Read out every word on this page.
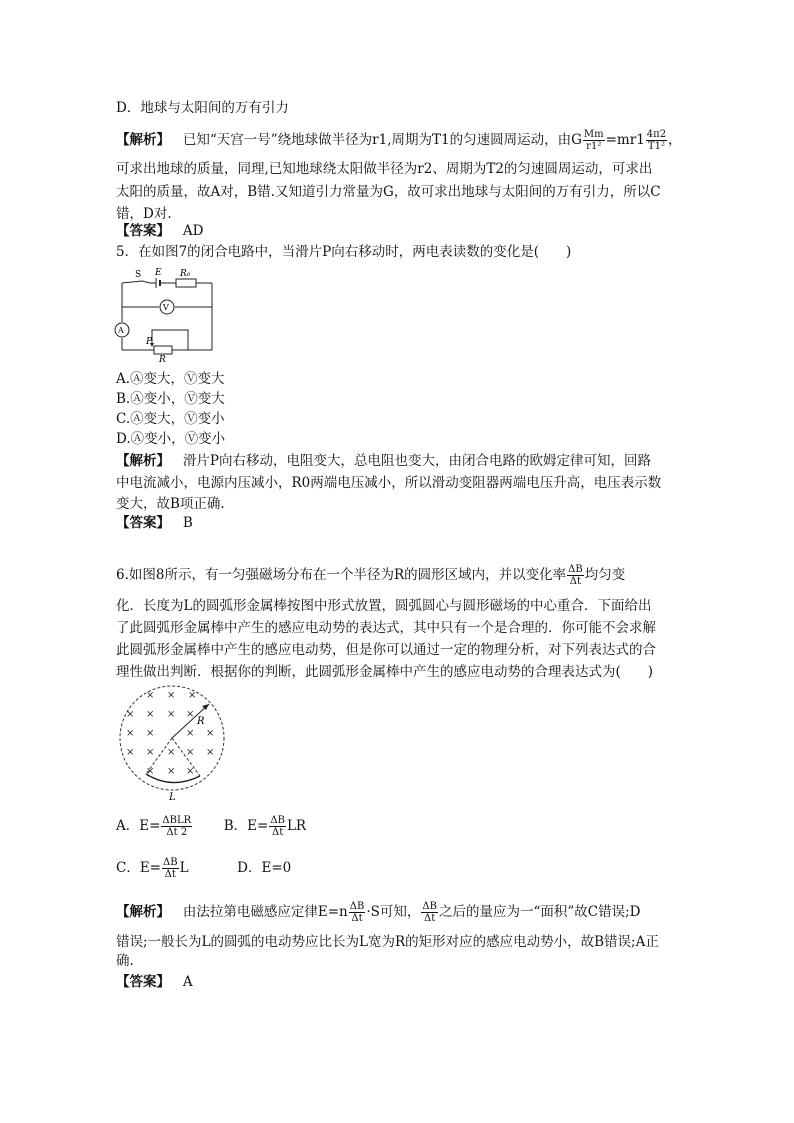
D．地球与太阳间的万有引力
【解析】 已知“天宫一号”绕地球做半径为r1,周期为T1的匀速圆周运动，由G $\frac{Mm}{\text{r1²}} =mr1 \frac{4\pi 2}{\text{T1²}}$ ，
可求出地球的质量，同理,已知地球绕太阳做半径为r2、周期为T2的匀速圆周运动，可求出
太阳的质量，故A对，B错.又知道引力常量为G，故可求出地球与太阳间的万有引力，所以C
错，D对.
【答案】 AD
5．在如图7的闭合电路中，当滑片P向右移动时，两电表读数的变化是(　　)
S E R₀
V
A
P
R
A.Ⓐ变大，Ⓥ变大
B.Ⓐ变小，Ⓥ变大
C.Ⓐ变大，Ⓥ变小
D.Ⓐ变小，Ⓥ变小
【解析】 滑片P向右移动，电阻变大，总电阻也变大，由闭合电路的欧姆定律可知，回路
中电流减小，电源内压减小，R0两端电压减小，所以滑动变阻器两端电压升高，电压表示数
变大，故B项正确.
【答案】 B
6.如图8所示，有一匀强磁场分布在一个半径为R的圆形区域内，并以变化率 $\frac{\Delta B}{\Delta t}$ 均匀变
化．长度为L的圆弧形金属棒按图中形式放置，圆弧圆心与圆形磁场的中心重合．下面给出
了此圆弧形金属棒中产生的感应电动势的表达式，其中只有一个是合理的．你可能不会求解
此圆弧形金属棒中产生的感应电动势，但是你可以通过一定的物理分析，对下列表达式的合
理性做出判断．根据你的判断，此圆弧形金属棒中产生的感应电动势的合理表达式为(　　)
× × ×
× × × ×
× ×	× ×
× × × × ×
× × ×
R
L
A．E= ΔBLR
Δt 2	B．$E= \frac{\Delta B}{\Delta t}$ LR
C．$E= \frac{\Delta B}{\Delta t}$ L	D．E=0
【解析】 由法拉第电磁感应定律$E=n \frac{\Delta B}{\Delta t} \cdot S$可知， $\frac{\Delta B}{\Delta t}$ 之后的量应为一“面积”故C错误;D
错误;一般长为L的圆弧的电动势应比长为L宽为R的矩形对应的感应电动势小，故B错误;A正
确.
【答案】 A
